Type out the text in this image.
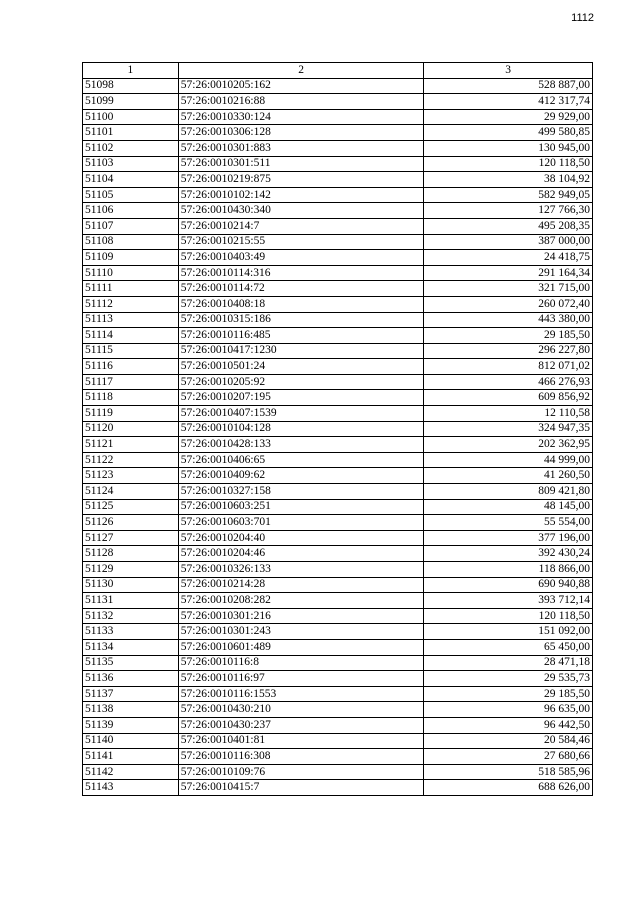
1112
1	2	3
51098	57:26:0010205:162	528 887,00
51099	57:26:0010216:88	412 317,74
51100	57:26:0010330:124	29 929,00
51101	57:26:0010306:128	499 580,85
51102	57:26:0010301:883	130 945,00
51103	57:26:0010301:511	120 118,50
51104	57:26:0010219:875	38 104,92
51105	57:26:0010102:142	582 949,05
51106	57:26:0010430:340	127 766,30
51107	57:26:0010214:7	495 208,35
51108	57:26:0010215:55	387 000,00
51109	57:26:0010403:49	24 418,75
51110	57:26:0010114:316	291 164,34
51111	57:26:0010114:72	321 715,00
51112	57:26:0010408:18	260 072,40
51113	57:26:0010315:186	443 380,00
51114	57:26:0010116:485	29 185,50
51115	57:26:0010417:1230	296 227,80
51116	57:26:0010501:24	812 071,02
51117	57:26:0010205:92	466 276,93
51118	57:26:0010207:195	609 856,92
51119	57:26:0010407:1539	12 110,58
51120	57:26:0010104:128	324 947,35
51121	57:26:0010428:133	202 362,95
51122	57:26:0010406:65	44 999,00
51123	57:26:0010409:62	41 260,50
51124	57:26:0010327:158	809 421,80
51125	57:26:0010603:251	48 145,00
51126	57:26:0010603:701	55 554,00
51127	57:26:0010204:40	377 196,00
51128	57:26:0010204:46	392 430,24
51129	57:26:0010326:133	118 866,00
51130	57:26:0010214:28	690 940,88
51131	57:26:0010208:282	393 712,14
51132	57:26:0010301:216	120 118,50
51133	57:26:0010301:243	151 092,00
51134	57:26:0010601:489	65 450,00
51135	57:26:0010116:8	28 471,18
51136	57:26:0010116:97	29 535,73
51137	57:26:0010116:1553	29 185,50
51138	57:26:0010430:210	96 635,00
51139	57:26:0010430:237	96 442,50
51140	57:26:0010401:81	20 584,46
51141	57:26:0010116:308	27 680,66
51142	57:26:0010109:76	518 585,96
51143	57:26:0010415:7	688 626,00
